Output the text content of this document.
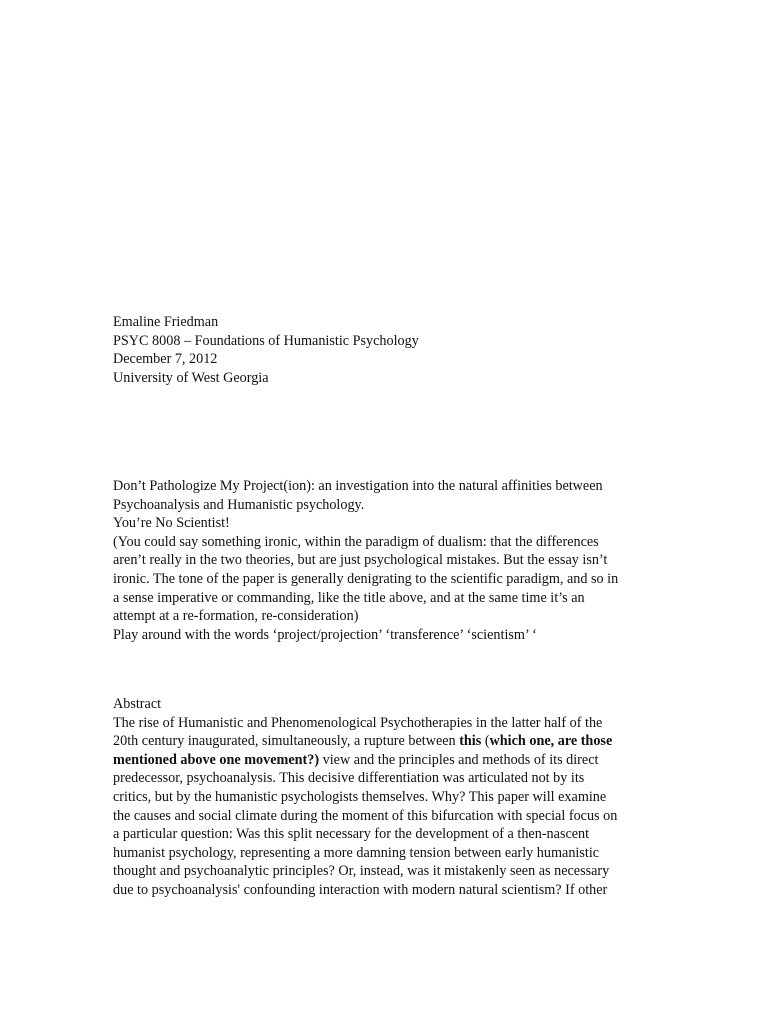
Emaline Friedman
PSYC 8008 – Foundations of Humanistic Psychology
December 7, 2012
University of West Georgia
Don’t Pathologize My Project(ion): an investigation into the natural affinities between
Psychoanalysis and Humanistic psychology.
You’re No Scientist!
(You could say something ironic, within the paradigm of dualism: that the differences
aren’t really in the two theories, but are just psychological mistakes. But the essay isn’t
ironic. The tone of the paper is generally denigrating to the scientific paradigm, and so in
a sense imperative or commanding, like the title above, and at the same time it’s an
attempt at a re-formation, re-consideration)
Play around with the words ‘project/projection’ ‘transference’ ‘scientism’ ‘
Abstract
The rise of Humanistic and Phenomenological Psychotherapies in the latter half of the
20th century inaugurated, simultaneously, a rupture between this (which one, are those
mentioned above one movement?) view and the principles and methods of its direct
predecessor, psychoanalysis. This decisive differentiation was articulated not by its
critics, but by the humanistic psychologists themselves. Why? This paper will examine
the causes and social climate during the moment of this bifurcation with special focus on
a particular question: Was this split necessary for the development of a then-nascent
humanist psychology, representing a more damning tension between early humanistic
thought and psychoanalytic principles? Or, instead, was it mistakenly seen as necessary
due to psychoanalysis' confounding interaction with modern natural scientism? If other
